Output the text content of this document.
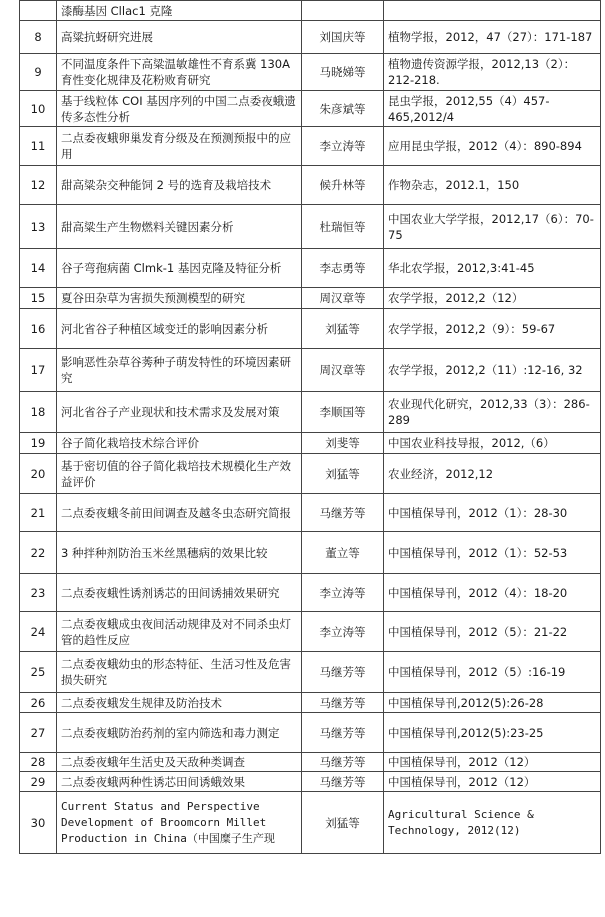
	漆酶基因 Cllac1 克隆		
8	高粱抗蚜研究进展	刘国庆等	植物学报，2012，47（27）：171-187
9	不同温度条件下高粱温敏雄性不育系冀 130A 育性变化规律及花粉败育研究	马晓娣等	植物遗传资源学报，2012,13（2）：212-218.
10	基于线粒体 COI 基因序列的中国二点委夜蛾遗传多态性分析	朱彦斌等	昆虫学报，2012,55（4）457-465,2012/4
11	二点委夜蛾卵巢发育分级及在预测预报中的应用	李立涛等	应用昆虫学报，2012（4）：890-894
12	甜高粱杂交种能饲 2 号的选育及栽培技术	候升林等	作物杂志，2012.1，150
13	甜高粱生产生物燃料关键因素分析	杜瑞恒等	中国农业大学学报，2012,17（6）：70-75
14	谷子弯孢病菌 Clmk-1 基因克隆及特征分析	李志勇等	华北农学报，2012,3:41-45
15	夏谷田杂草为害损失预测模型的研究	周汉章等	农学学报，2012,2（12）
16	河北省谷子种植区域变迁的影响因素分析	刘猛等	农学学报，2012,2（9）：59-67
17	影响恶性杂草谷莠种子萌发特性的环境因素研究	周汉章等	农学学报，2012,2（11）:12-16, 32
18	河北省谷子产业现状和技术需求及发展对策	李顺国等	农业现代化研究，2012,33（3）：286-289
19	谷子简化栽培技术综合评价	刘斐等	中国农业科技导报，2012,（6）
20	基于密切值的谷子简化栽培技术规模化生产效益评价	刘猛等	农业经济，2012,12
21	二点委夜蛾冬前田间调查及越冬虫态研究简报	马继芳等	中国植保导刊，2012（1）：28-30
22	3 种拌种剂防治玉米丝黑穗病的效果比较	董立等	中国植保导刊，2012（1）：52-53
23	二点委夜蛾性诱剂诱芯的田间诱捕效果研究	李立涛等	中国植保导刊，2012（4）：18-20
24	二点委夜蛾成虫夜间活动规律及对不同杀虫灯管的趋性反应	李立涛等	中国植保导刊，2012（5）：21-22
25	二点委夜蛾幼虫的形态特征、生活习性及危害损失研究	马继芳等	中国植保导刊，2012（5）:16-19
26	二点委夜蛾发生规律及防治技术	马继芳等	中国植保导刊,2012(5):26-28
27	二点委夜蛾防治药剂的室内筛选和毒力测定	马继芳等	中国植保导刊,2012(5):23-25
28	二点委夜蛾年生活史及天敌种类调查	马继芳等	中国植保导刊，2012（12）
29	二点委夜蛾两种性诱芯田间诱蛾效果	马继芳等	中国植保导刊，2012（12）
30	Current Status and Perspective Development of Broomcorn Millet Production in China（中国糜子生产现	刘猛等	Agricultural Science & Technology, 2012(12)
